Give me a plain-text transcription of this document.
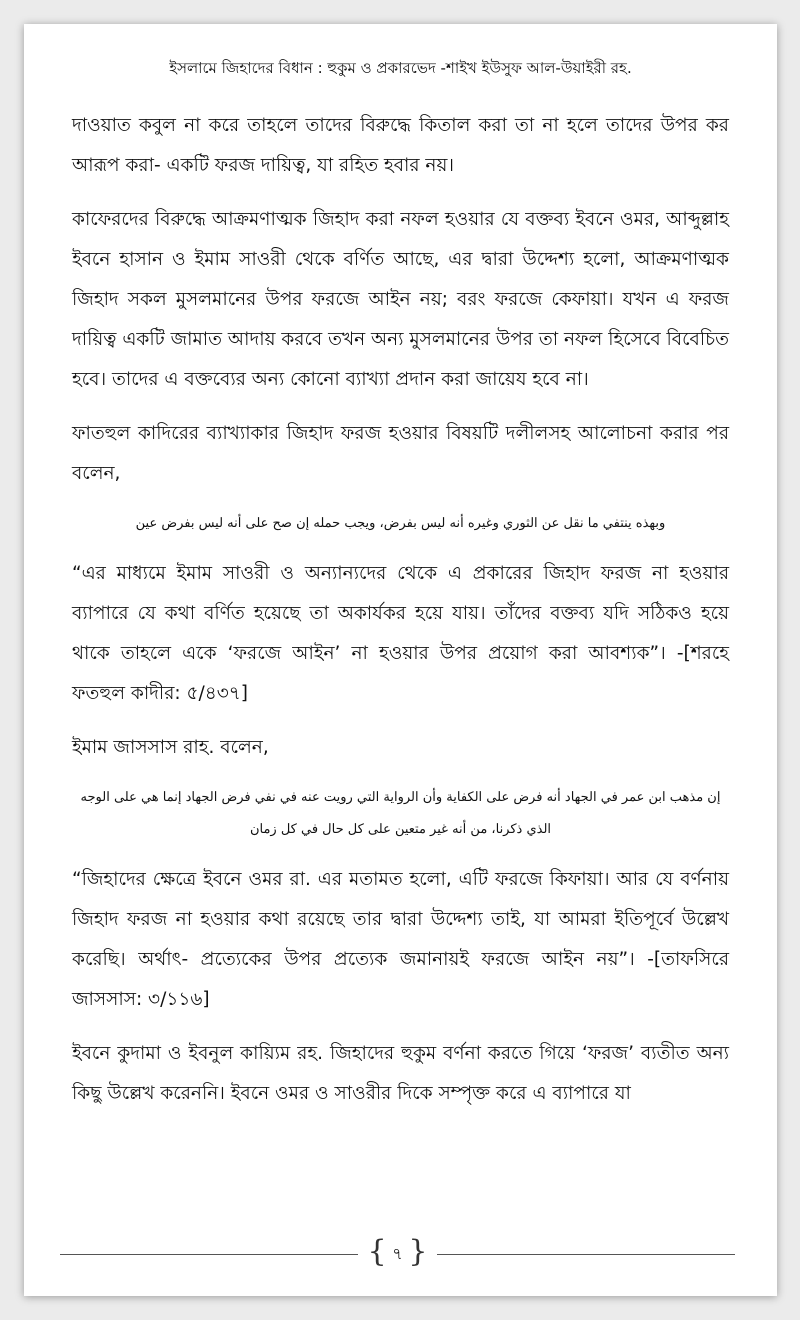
ইসলামে জিহাদের বিধান : হুকুম ও প্রকারভেদ -শাইখ ইউসুফ আল-উয়াইরী রহ.

দাওয়াত কবুল না করে তাহলে তাদের বিরুদ্ধে কিতাল করা তা না হলে তাদের উপর কর আরূপ করা- একটি ফরজ দায়িত্ব, যা রহিত হবার নয়।

কাফেরদের বিরুদ্ধে আক্রমণাত্মক জিহাদ করা নফল হওয়ার যে বক্তব্য ইবনে ওমর, আব্দুল্লাহ ইবনে হাসান ও ইমাম সাওরী থেকে বর্ণিত আছে, এর দ্বারা উদ্দেশ্য হলো, আক্রমণাত্মক জিহাদ সকল মুসলমানের উপর ফরজে আইন নয়; বরং ফরজে কেফায়া। যখন এ ফরজ দায়িত্ব একটি জামাত আদায় করবে তখন অন্য মুসলমানের উপর তা নফল হিসেবে বিবেচিত হবে। তাদের এ বক্তব্যের অন্য কোনো ব্যাখ্যা প্রদান করা জায়েয হবে না।

ফাতহুল কাদিরের ব্যাখ্যাকার জিহাদ ফরজ হওয়ার বিষয়টি দলীলসহ আলোচনা করার পর বলেন,

وبهذه ينتفي ما نقل عن الثوري وغيره أنه ليس بفرض، ويجب حمله إن صح على أنه ليس بفرض عين

“এর মাধ্যমে ইমাম সাওরী ও অন্যান্যদের থেকে এ প্রকারের জিহাদ ফরজ না হওয়ার ব্যাপারে যে কথা বর্ণিত হয়েছে তা অকার্যকর হয়ে যায়। তাঁদের বক্তব্য যদি সঠিকও হয়ে থাকে তাহলে একে ‘ফরজে আইন’ না হওয়ার উপর প্রয়োগ করা আবশ্যক”। -[শরহে ফতহুল কাদীর: ৫/৪৩৭]

ইমাম জাসসাস রাহ. বলেন,

إن مذهب ابن عمر في الجهاد أنه فرض على الكفاية وأن الرواية التي رويت عنه في نفي فرض الجهاد إنما هي على الوجه الذي ذكرنا، من أنه غير متعين على كل حال في كل زمان

“জিহাদের ক্ষেত্রে ইবনে ওমর রা. এর মতামত হলো, এটি ফরজে কিফায়া। আর যে বর্ণনায় জিহাদ ফরজ না হওয়ার কথা রয়েছে তার দ্বারা উদ্দেশ্য তাই, যা আমরা ইতিপূর্বে উল্লেখ করেছি। অর্থাৎ- প্রত্যেকের উপর প্রত্যেক জমানায়ই ফরজে আইন নয়”। -[তাফসিরে জাসসাস: ৩/১১৬]

ইবনে কুদামা ও ইবনুল কায়্যিম রহ. জিহাদের হুকুম বর্ণনা করতে গিয়ে ‘ফরজ’ ব্যতীত অন্য কিছু উল্লেখ করেননি। ইবনে ওমর ও সাওরীর দিকে সম্পৃক্ত করে এ ব্যাপারে যা

{ ৭ }
